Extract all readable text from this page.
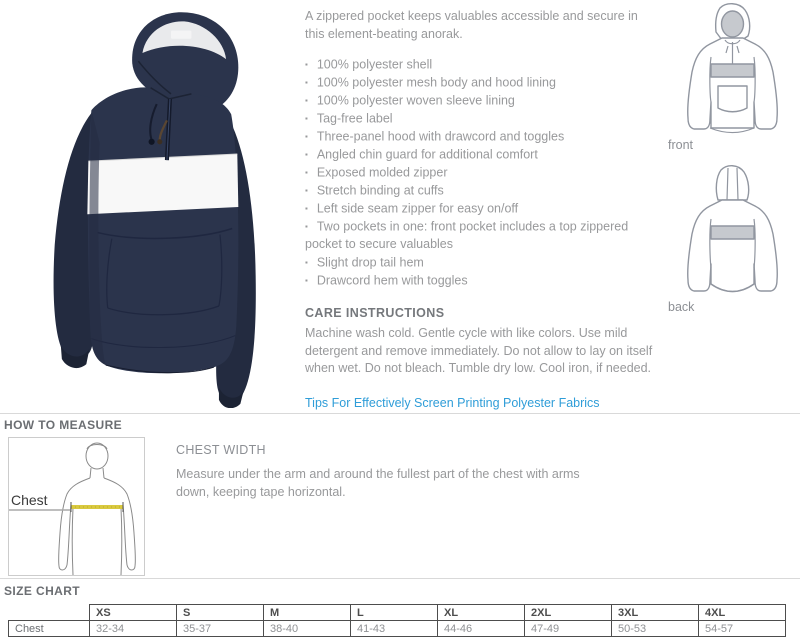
A zippered pocket keeps valuables accessible and secure in this element-beating anorak.

▪ 100% polyester shell
▪ 100% polyester mesh body and hood lining
▪ 100% polyester woven sleeve lining
▪ Tag-free label
▪ Three-panel hood with drawcord and toggles
▪ Angled chin guard for additional comfort
▪ Exposed molded zipper
▪ Stretch binding at cuffs
▪ Left side seam zipper for easy on/off
▪ Two pockets in one: front pocket includes a top zippered pocket to secure valuables
▪ Slight drop tail hem
▪ Drawcord hem with toggles
CARE INSTRUCTIONS

Machine wash cold. Gentle cycle with like colors. Use mild detergent and remove immediately. Do not allow to lay on itself when wet. Do not bleach. Tumble dry low. Cool iron, if needed.

Tips For Effectively Screen Printing Polyester Fabrics
front
back
HOW TO MEASURE
Chest
CHEST WIDTH

Measure under the arm and around the fullest part of the chest with arms down, keeping tape horizontal.

SIZE CHART
	XS	S	M	L	XL	2XL	3XL	4XL
Chest	32-34	35-37	38-40	41-43	44-46	47-49	50-53	54-57
